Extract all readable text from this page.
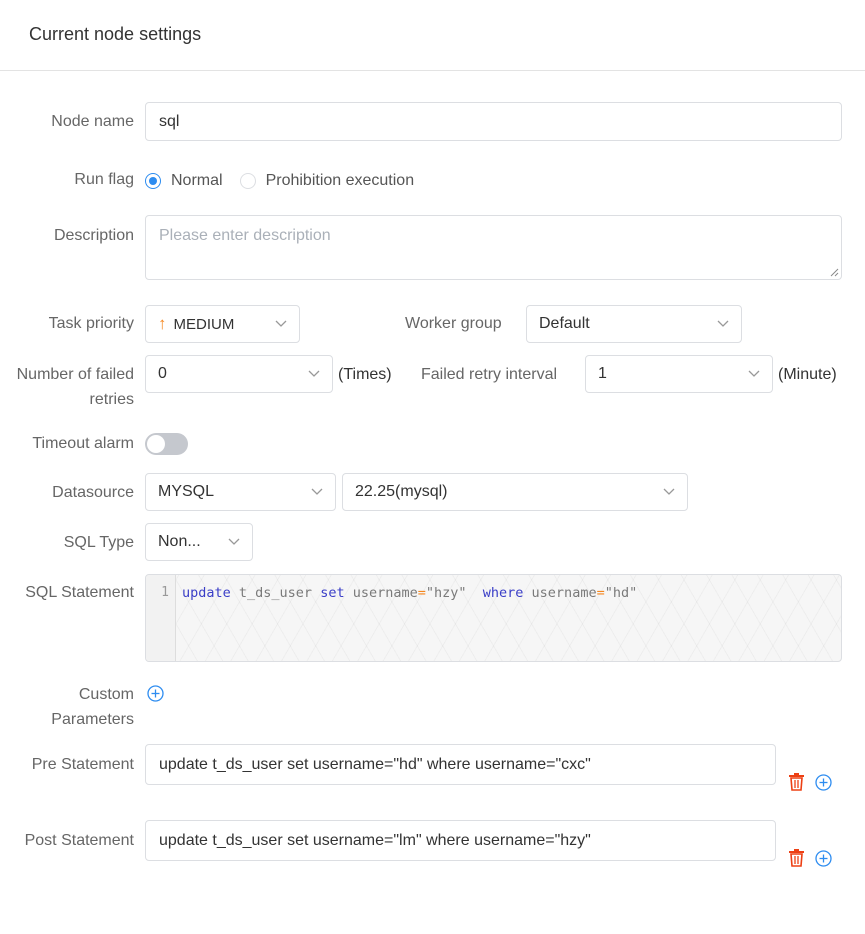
Current node settings
Node name sql
Run flag Normal	Prohibition execution
Description Please enter description
Task priority ↑ MEDIUM	Worker group Default
Number of failed
retries
0	(Times) Failed retry interval	1	(Minute)
Timeout alarm
Datasource MYSQL	22.25(mysql)
SQL Type Non...
SQL Statement	1 update t_ds_user set username="hzy"  where username="hd"
Custom
Parameters
Pre Statement update t_ds_user set username="hd" where username="cxc"
Post Statement update t_ds_user set username="lm" where username="hzy"
